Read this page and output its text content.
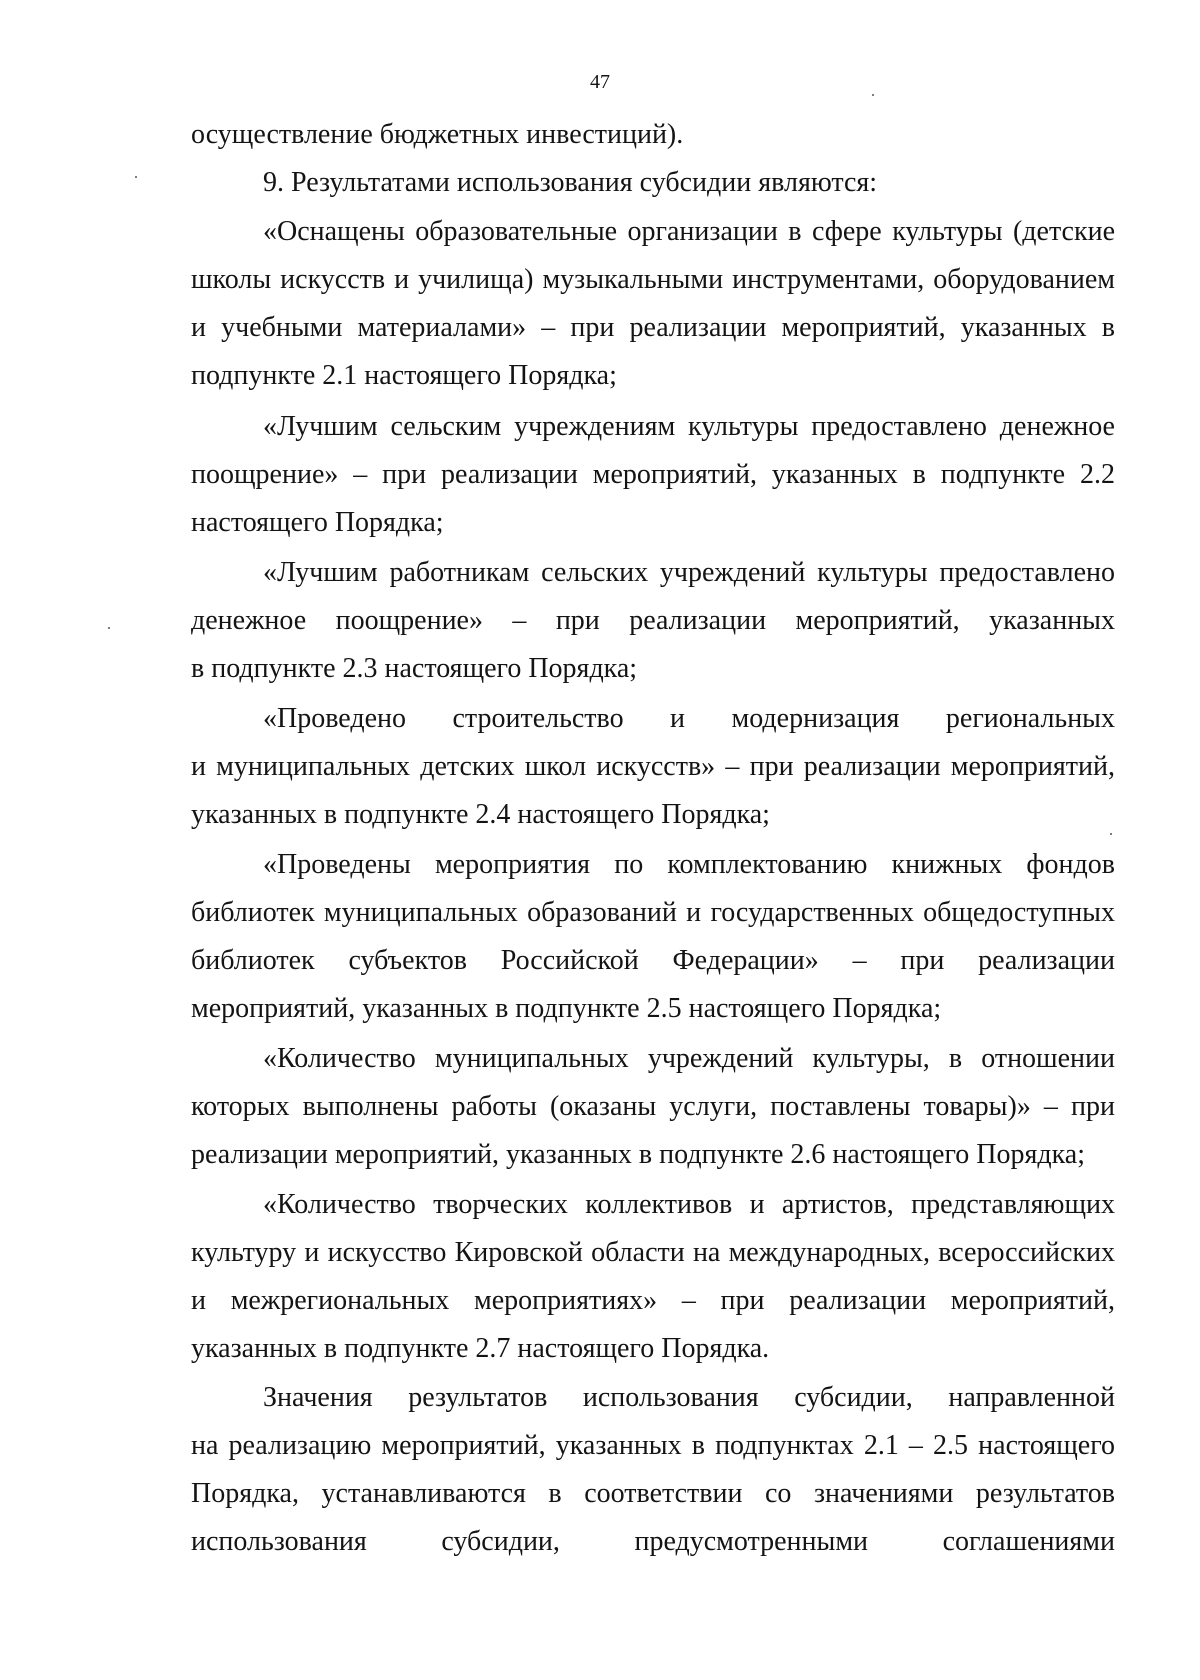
47
осуществление бюджетных инвестиций).
9. Результатами использования субсидии являются:
«Оснащены образовательные организации в сфере культуры (детские
школы искусств и училища) музыкальными инструментами, оборудованием
и учебными материалами» – при реализации мероприятий, указанных в
подпункте 2.1 настоящего Порядка;
«Лучшим сельским учреждениям культуры предоставлено денежное
поощрение» – при реализации мероприятий, указанных в подпункте 2.2
настоящего Порядка;
«Лучшим работникам сельских учреждений культуры предоставлено
денежное поощрение» – при реализации мероприятий, указанных
в подпункте 2.3 настоящего Порядка;
«Проведено строительство и модернизация региональных
и муниципальных детских школ искусств» – при реализации мероприятий,
указанных в подпункте 2.4 настоящего Порядка;
«Проведены мероприятия по комплектованию книжных фондов
библиотек муниципальных образований и государственных общедоступных
библиотек субъектов Российской Федерации» – при реализации
мероприятий, указанных в подпункте 2.5 настоящего Порядка;
«Количество муниципальных учреждений культуры, в отношении
которых выполнены работы (оказаны услуги, поставлены товары)» – при
реализации мероприятий, указанных в подпункте 2.6 настоящего Порядка;
«Количество творческих коллективов и артистов, представляющих
культуру и искусство Кировской области на международных, всероссийских
и межрегиональных мероприятиях» – при реализации мероприятий,
указанных в подпункте 2.7 настоящего Порядка.
Значения результатов использования субсидии, направленной
на реализацию мероприятий, указанных в подпунктах 2.1 – 2.5 настоящего
Порядка, устанавливаются в соответствии со значениями результатов
использования субсидии, предусмотренными соглашениями
